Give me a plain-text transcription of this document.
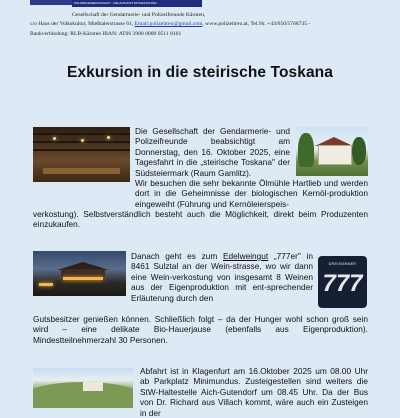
POLIZEIGEWERKSCHAFT · DIE ZUKUNFT MITGESTALTEN
Gesellschaft der Gendarmerie- und Polizeifreunde Kärnten,
c/o Haus der Volkskultur, Mießtalerstrasse 61, Email:polizeitreu@gmail.com, www.polizeitreu.at, Tel.Nr. +43/650/5768735 -
Bankverbindung: RLB-Kärnten IBAN: AT06 3900 0000 0511 8161
Exkursion in die steirische Toskana
Die Gesellschaft der Gendarmerie- und Polizeifreunde beabsichtigt am Donnerstag, den 16. Oktober 2025, eine Tagesfahrt in die „steirische Toskana" der Südsteiermark (Raum Gamlitz).
Wir besuchen die sehr bekannte Ölmühle Hartlieb und werden dort in die Geheimnisse der biologischen Kernöl-produktion eingeweiht (Führung und Kernöleierspeis-
verkostung). Selbstverständlich besteht auch die Möglichkeit, direkt beim Produzenten einzukaufen.
Danach geht es zum Edelweingut „777er" in 8461 Sulztal an der Wein-strasse, wo wir dann eine Wein-verkostung von insgesamt 8 Weinen aus der Eigenproduktion mit ent-sprechender Erläuterung durch den
DREISIEBNER
777
Gutsbesitzer genießen können. Schließlich folgt – da der Hunger wohl schon groß sein wird – eine delikate Bio-Hauerjause (ebenfalls aus Eigenproduktion). Mindestteilnehmerzahl 30 Personen.
Abfahrt ist in Klagenfurt am 16.Oktober 2025 um 08.00 Uhr ab Parkplatz Minimundus. Zusteigestellen sind weiters die StW-Haltestelle Aich-Gutendorf um 08.45 Uhr. Da der Bus von Dr. Richard aus Villach kommt, wäre auch ein Zusteigen in der
